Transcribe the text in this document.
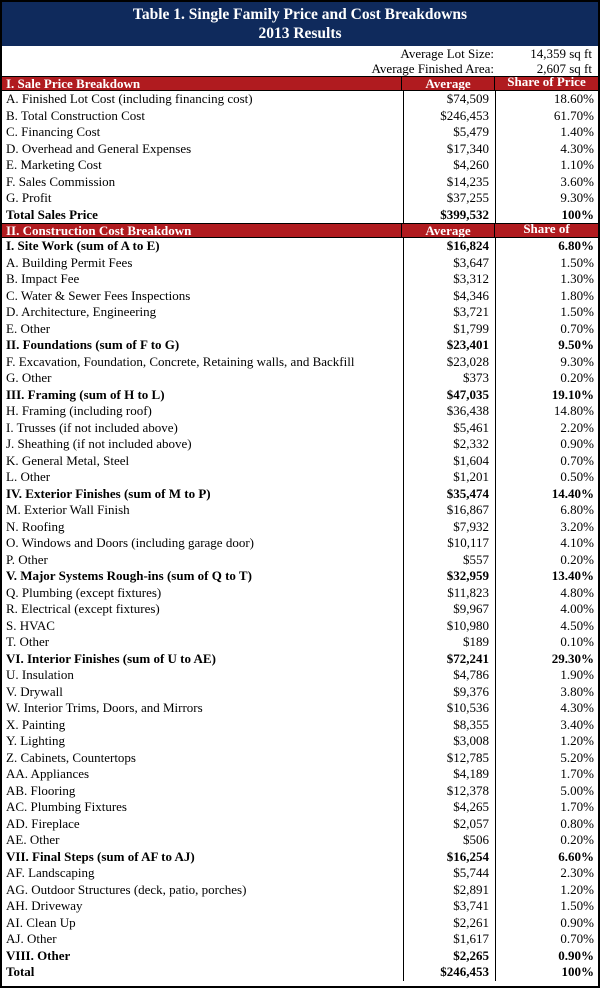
Table 1. Single Family Price and Cost Breakdowns
2013 Results
Average Lot Size:	14,359 sq ft
Average Finished Area:	2,607 sq ft
I. Sale Price Breakdown	Average	Share of Price
A. Finished Lot Cost (including financing cost)	$74,509	18.60%
B. Total Construction Cost	$246,453	61.70%
C. Financing Cost	$5,479	1.40%
D. Overhead and General Expenses	$17,340	4.30%
E. Marketing Cost	$4,260	1.10%
F. Sales Commission	$14,235	3.60%
G. Profit	$37,255	9.30%
Total Sales Price	$399,532	100%
II. Construction Cost Breakdown	Average	Share of
I. Site Work (sum of A to E)	$16,824	6.80%
A. Building Permit Fees	$3,647	1.50%
B. Impact Fee	$3,312	1.30%
C. Water & Sewer Fees Inspections	$4,346	1.80%
D. Architecture, Engineering	$3,721	1.50%
E. Other	$1,799	0.70%
II. Foundations (sum of F to G)	$23,401	9.50%
F. Excavation, Foundation, Concrete, Retaining walls, and Backfill	$23,028	9.30%
G. Other	$373	0.20%
III. Framing (sum of H to L)	$47,035	19.10%
H. Framing (including roof)	$36,438	14.80%
I. Trusses (if not included above)	$5,461	2.20%
J. Sheathing (if not included above)	$2,332	0.90%
K. General Metal, Steel	$1,604	0.70%
L. Other	$1,201	0.50%
IV. Exterior Finishes (sum of M to P)	$35,474	14.40%
M. Exterior Wall Finish	$16,867	6.80%
N. Roofing	$7,932	3.20%
O. Windows and Doors (including garage door)	$10,117	4.10%
P. Other	$557	0.20%
V. Major Systems Rough-ins (sum of Q to T)	$32,959	13.40%
Q. Plumbing (except fixtures)	$11,823	4.80%
R. Electrical (except fixtures)	$9,967	4.00%
S. HVAC	$10,980	4.50%
T. Other	$189	0.10%
VI. Interior Finishes (sum of U to AE)	$72,241	29.30%
U. Insulation	$4,786	1.90%
V. Drywall	$9,376	3.80%
W. Interior Trims, Doors, and Mirrors	$10,536	4.30%
X. Painting	$8,355	3.40%
Y. Lighting	$3,008	1.20%
Z. Cabinets, Countertops	$12,785	5.20%
AA. Appliances	$4,189	1.70%
AB. Flooring	$12,378	5.00%
AC. Plumbing Fixtures	$4,265	1.70%
AD. Fireplace	$2,057	0.80%
AE. Other	$506	0.20%
VII. Final Steps (sum of AF to AJ)	$16,254	6.60%
AF. Landscaping	$5,744	2.30%
AG. Outdoor Structures (deck, patio, porches)	$2,891	1.20%
AH. Driveway	$3,741	1.50%
AI. Clean Up	$2,261	0.90%
AJ. Other	$1,617	0.70%
VIII. Other	$2,265	0.90%
Total	$246,453	100%
